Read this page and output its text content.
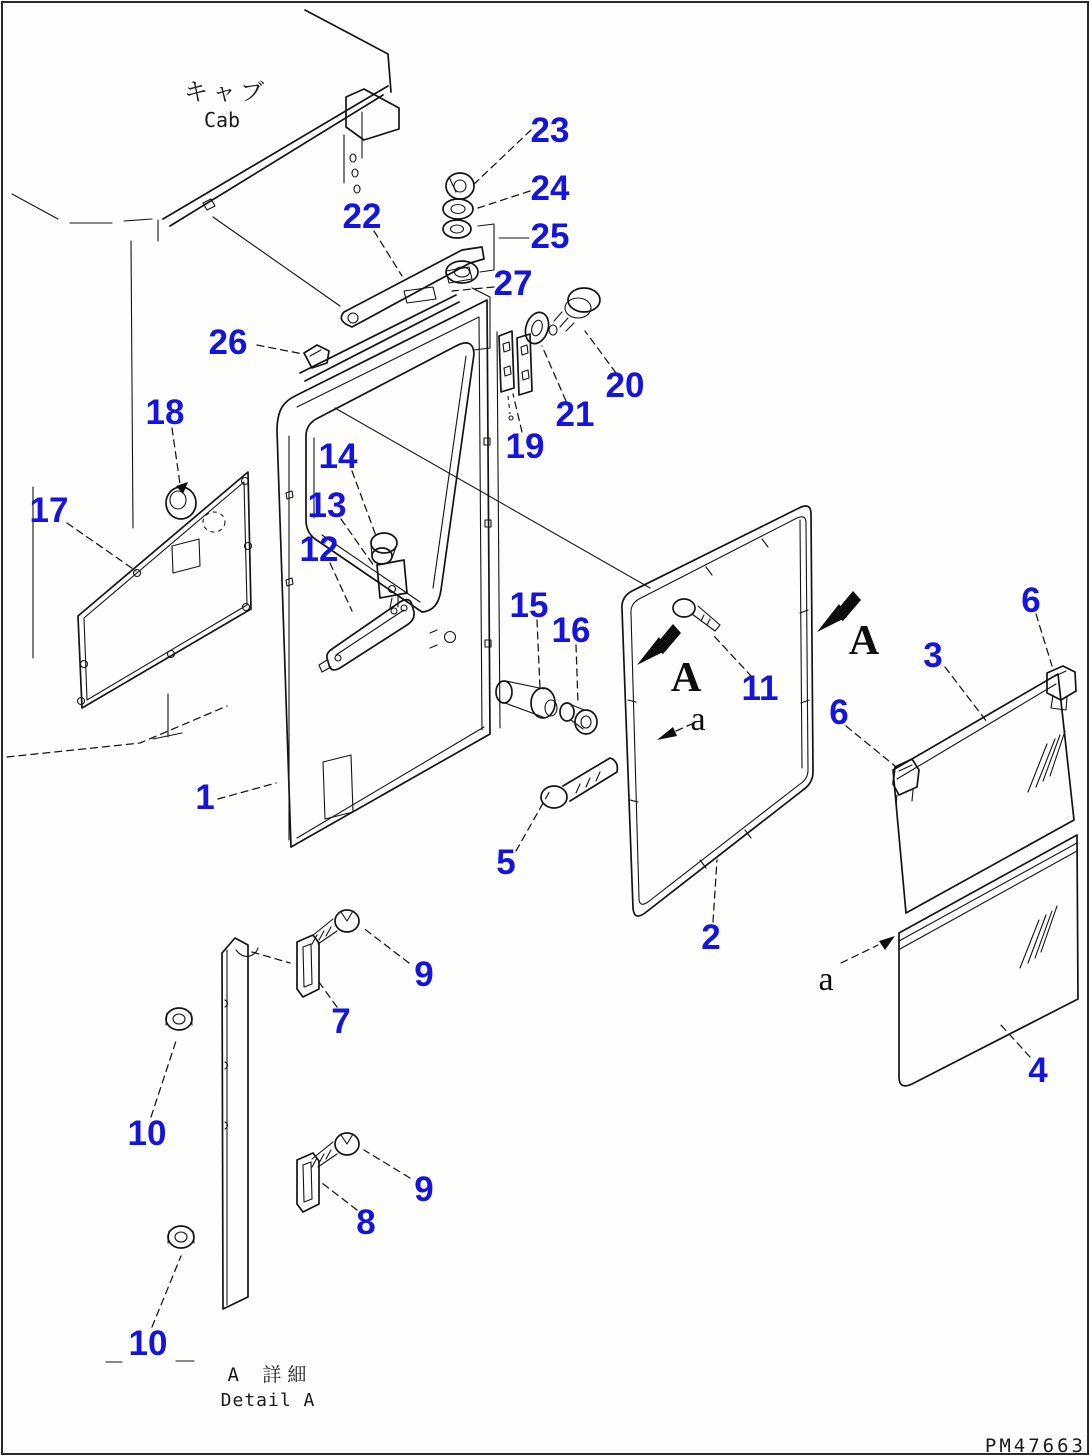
キャブ
Cab
A 詳細
Detail A
PM47663
1
2
3
4
5
6
6
7
8
9
9
10
10
11
12
13
14
15
16
17
18
19
20
21
22
23
24
25
26
27
A
A
a
a
